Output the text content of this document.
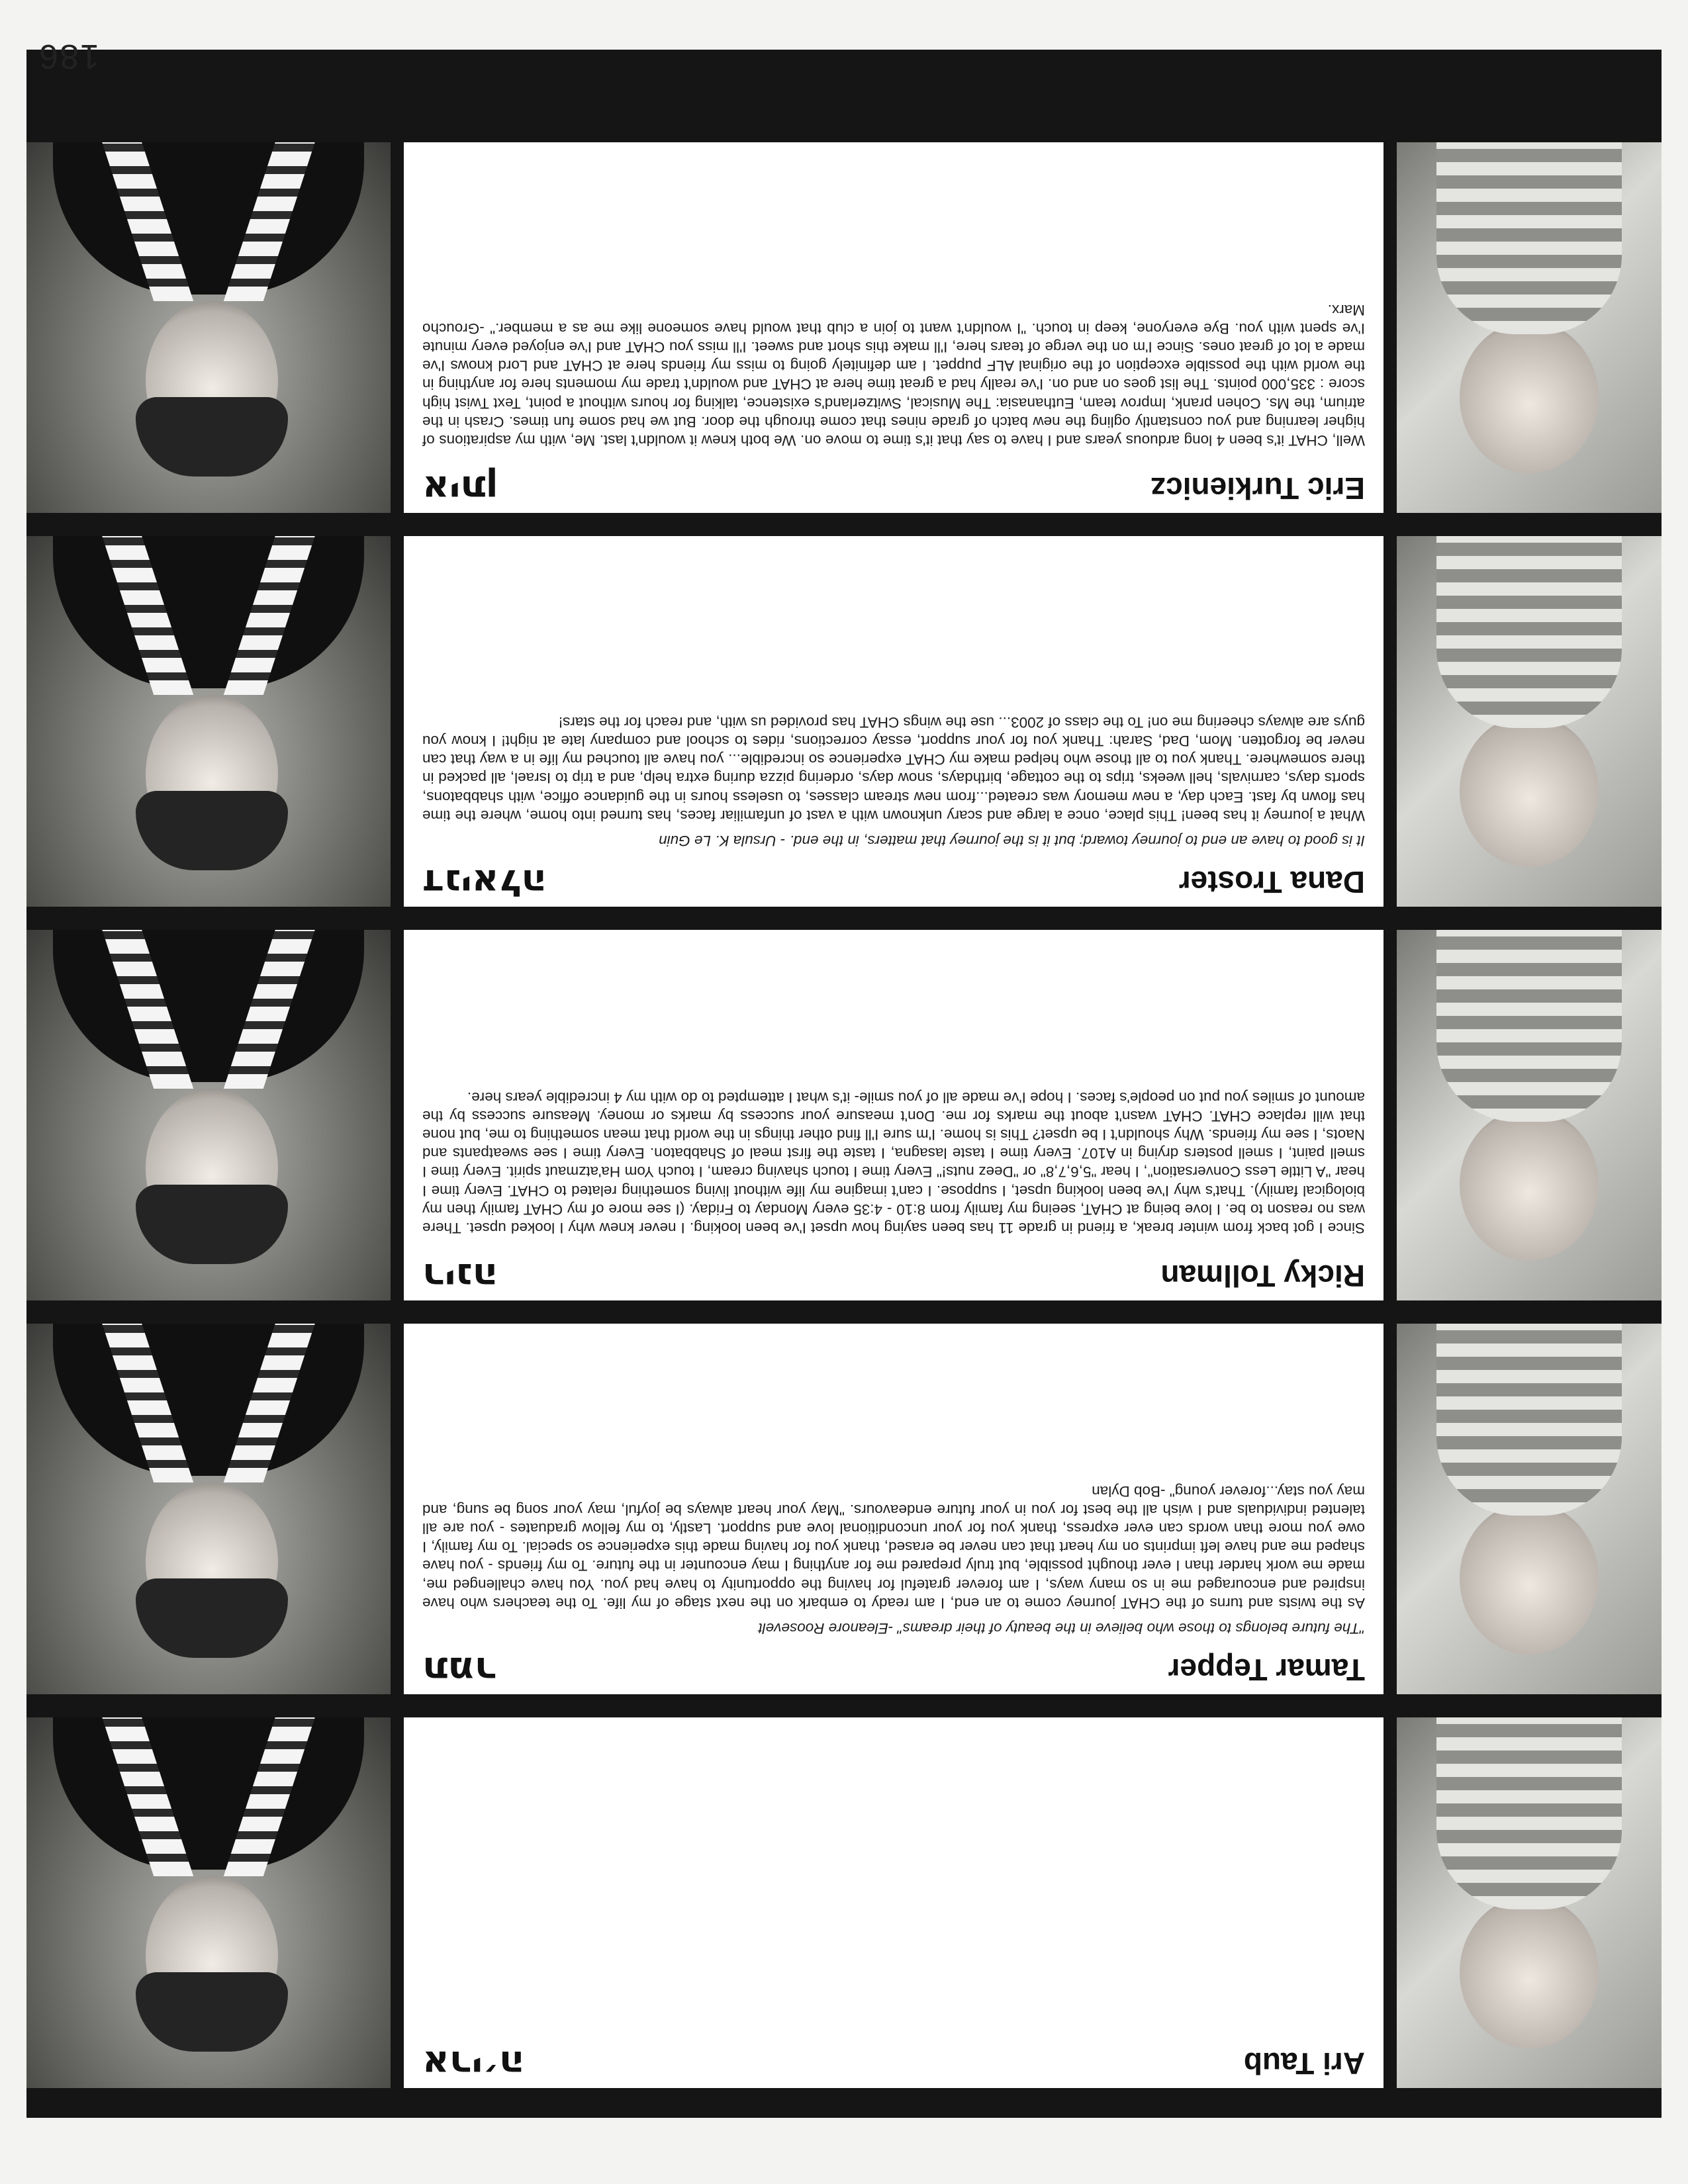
186
Ari Taub
ארי׳ה

Tamar Tepper
תמר

"The future belongs to those who believe in the beauty of their dreams" -Eleanore Roosevelt

As the twists and turns of the CHAT journey come to an end, I am ready to embark on the next stage of my life. To the teachers who have inspired and encouraged me in so many ways, I am forever grateful for having the opportunity to have had you. You have challenged me, made me work harder than I ever thought possible, but truly prepared me for anything I may encounter in the future. To my friends - you have shaped me and have left imprints on my heart that can never be erased, thank you for having made this experience so special. To my family, I owe you more than words can ever express, thank you for your unconditional love and support. Lastly, to my fellow graduates - you are all talented individuals and I wish all the best for you in your future endeavours. "May your heart always be joyful, may your song be sung, and may you stay...forever young" -Bob Dylan
Ricky Tollman
רינה

Since I got back from winter break, a friend in grade 11 has been saying how upset I've been looking. I never knew why I looked upset. There was no reason to be. I love being at CHAT, seeing my family from 8:10 - 4:35 every Monday to Friday. (I see more of my CHAT family then my biological family). That's why I've been looking upset, I suppose. I can't imagine my life without living something related to CHAT. Every time I hear "A Little Less Conversation", I hear "5,6,7,8" or "Deez nuts!" Every time I touch shaving cream, I touch Yom Ha'atzmaut spirit. Every time I smell paint, I smell posters drying in A107. Every time I taste lasagna, I taste the first meal of Shabbaton. Every time I see sweatpants and Naots, I see my friends. Why shouldn't I be upset? This is home. I'm sure I'll find other things in the world that mean something to me, but none that will replace CHAT. CHAT wasn't about the marks for me. Don't measure your success by marks or money. Measure success by the amount of smiles you put on people's faces. I hope I've made all of you smile- it's what I attempted to do with my 4 incredible years here.
Dana Troster
דניאלה

It is good to have an end to journey toward; but it is the journey that matters, in the end. - Ursula K. Le Guin

What a journey it has been! This place, once a large and scary unknown with a vast of unfamiliar faces, has turned into home, where the time has flown by fast. Each day, a new memory was created...from new stream classes, to useless hours in the guidance office, with shabbatons, sports days, carnivals, hell weeks, trips to the cottage, birthdays, snow days, ordering pizza during extra help, and a trip to Israel, all packed in there somewhere. Thank you to all those who helped make my CHAT experience so incredible... you have all touched my life in a way that can never be forgotten. Mom, Dad, Sarah: Thank you for your support, essay corrections, rides to school and company late at night! I know you guys are always cheering me on! To the class of 2003... use the wings CHAT has provided us with, and reach for the stars!
Eric Turkienicz
איתן

Well, CHAT it's been 4 long arduous years and I have to say that it's time to move on. We both knew it wouldn't last. Me, with my aspirations of higher learning and you constantly ogling the new batch of grade nines that come through the door. But we had some fun times. Crash in the atrium, the Ms. Cohen prank, Improv team, Euthanasia: The Musical, Switzerland's existence, talking for hours without a point, Text Twist high score : 335,000 points. The list goes on and on. I've really had a great time here at CHAT and wouldn't trade my moments here for anything in the world with the possible exception of the original ALF puppet. I am definitely going to miss my friends here at CHAT and Lord knows I've made a lot of great ones. Since I'm on the verge of tears here, I'll make this short and sweet. I'll miss you CHAT and I've enjoyed every minute I've spent with you. Bye everyone, keep in touch. "I wouldn't want to join a club that would have someone like me as a member." -Groucho Marx.
